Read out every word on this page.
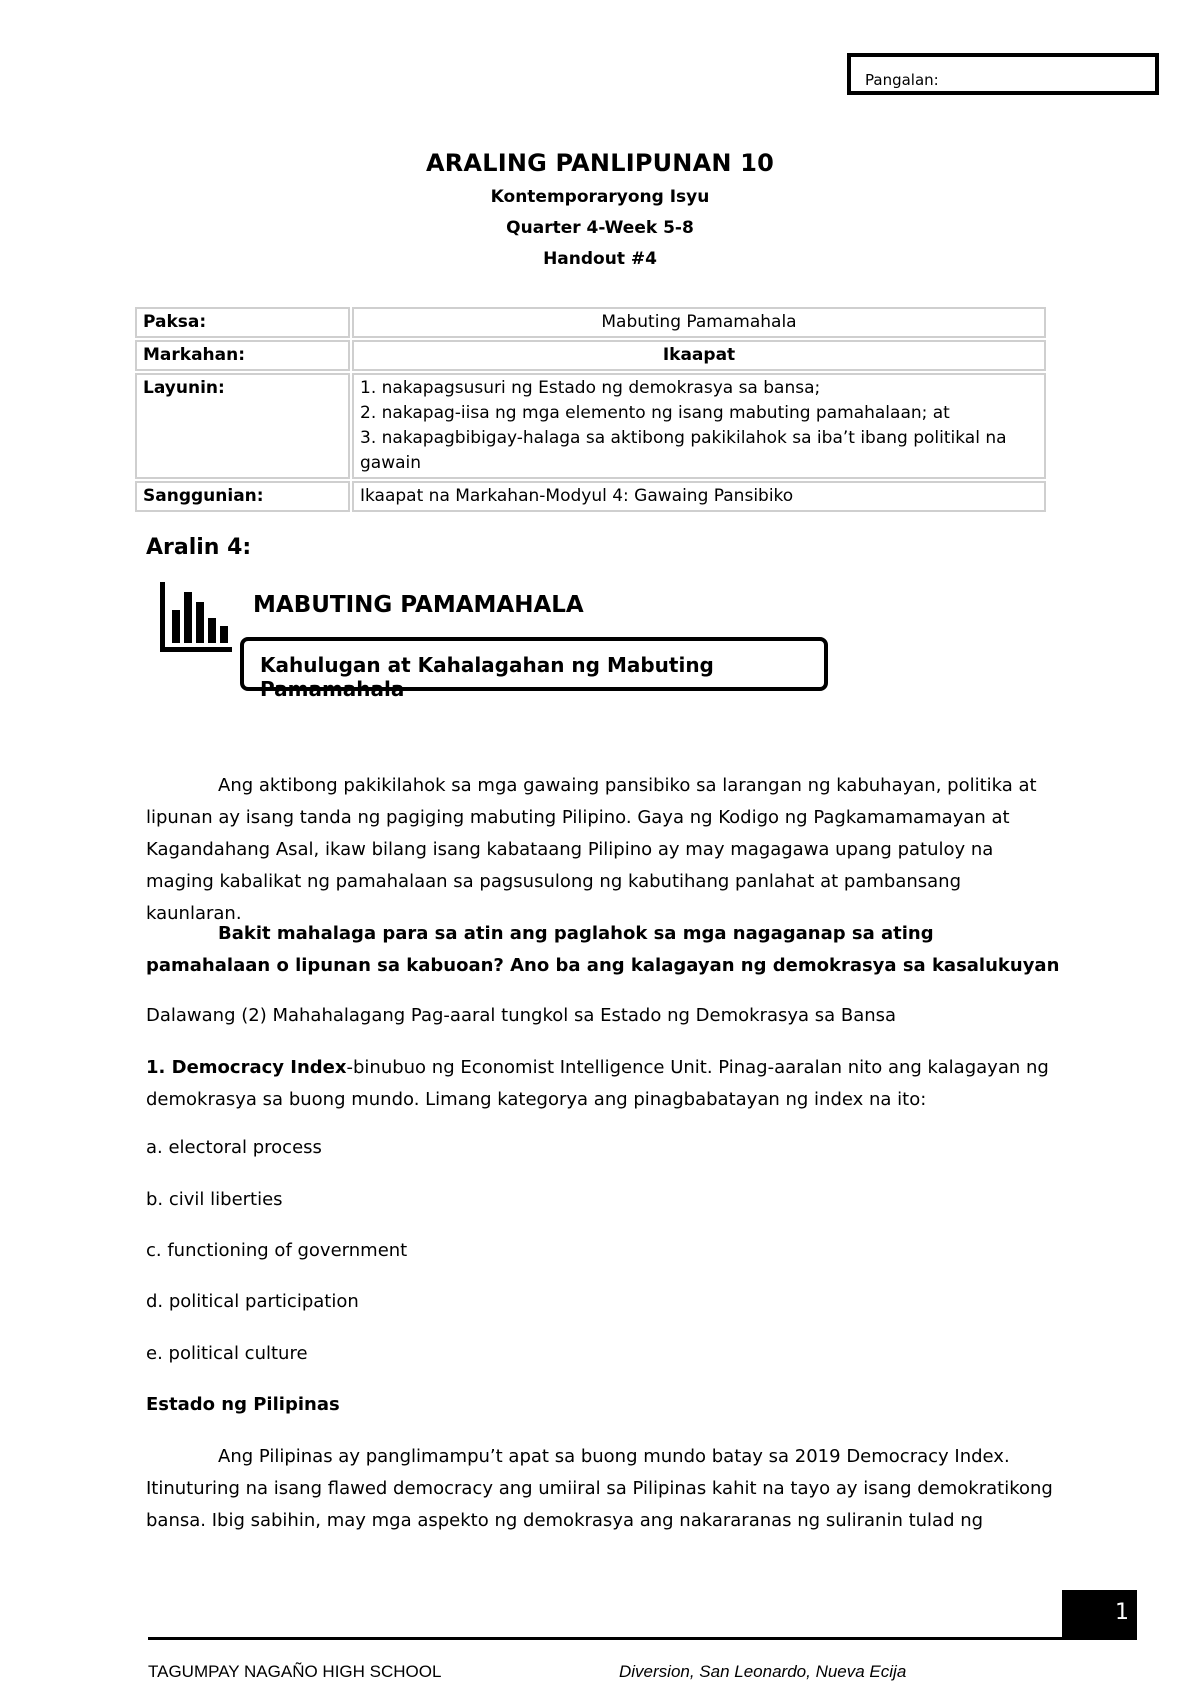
Pangalan:
ARALING PANLIPUNAN 10
Kontemporaryong Isyu
Quarter 4-Week 5-8
Handout #4
Paksa:	Mabuting Pamamahala
Markahan:	Ikaapat
Layunin:	1. nakapagsusuri ng Estado ng demokrasya sa bansa;
2. nakapag-iisa ng mga elemento ng isang mabuting pamahalaan; at
3. nakapagbibigay-halaga sa aktibong pakikilahok sa iba’t ibang politikal na gawain

Sanggunian:	Ikaapat na Markahan-Modyul 4: Gawaing Pansibiko
Aralin 4:
MABUTING PAMAMAHALA
Kahulugan at Kahalagahan ng Mabuting Pamamahala
Ang aktibong pakikilahok sa mga gawaing pansibiko sa larangan ng kabuhayan, politika at lipunan ay isang tanda ng pagiging mabuting Pilipino. Gaya ng Kodigo ng Pagkamamamayan at Kagandahang Asal, ikaw bilang isang kabataang Pilipino ay may magagawa upang patuloy na maging kabalikat ng pamahalaan sa pagsusulong ng kabutihang panlahat at pambansang kaunlaran.
Bakit mahalaga para sa atin ang paglahok sa mga nagaganap sa ating pamahalaan o lipunan sa kabuoan? Ano ba ang kalagayan ng demokrasya sa kasalukuyan
Dalawang (2) Mahahalagang Pag-aaral tungkol sa Estado ng Demokrasya sa Bansa
1. Democracy Index-binubuo ng Economist Intelligence Unit. Pinag-aaralan nito ang kalagayan ng demokrasya sa buong mundo. Limang kategorya ang pinagbabatayan ng index na ito:
a. electoral process
b. civil liberties
c. functioning of government
d. political participation
e. political culture
Estado ng Pilipinas
Ang Pilipinas ay panglimampu’t apat sa buong mundo batay sa 2019 Democracy Index. Itinuturing na isang flawed democracy ang umiiral sa Pilipinas kahit na tayo ay isang demokratikong bansa. Ibig sabihin, may mga aspekto ng demokrasya ang nakararanas ng suliranin tulad ng
1
TAGUMPAY NAGAÑO HIGH SCHOOL	Diversion, San Leonardo, Nueva Ecija
